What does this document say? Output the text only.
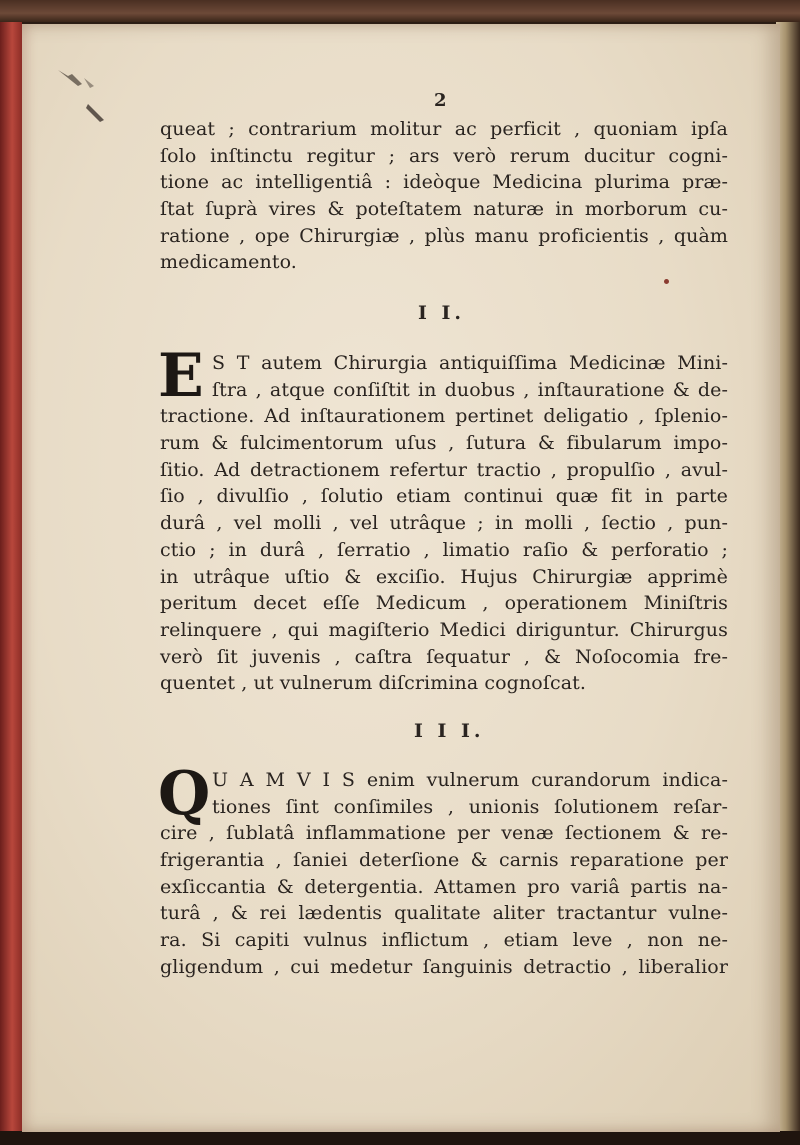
2
queat ; contrarium molitur ac perficit , quoniam ipſa
ſolo inſtinctu regitur ; ars verò rerum ducitur cogni-
tione ac intelligentiâ : ideòque Medicina plurima præ-
ſtat ſuprà vires & poteſtatem naturæ in morborum cu-
ratione , ope Chirurgiæ , plùs manu proficientis , quàm
medicamento.
I I.
E S T autem Chirurgia antiquiſſima Medicinæ Mini-
ſtra , atque conſiſtit in duobus , inſtauratione & de-
tractione. Ad inſtaurationem pertinet deligatio , ſplenio-
rum & fulcimentorum uſus , ſutura & fibularum impo-
ſitio. Ad detractionem refertur tractio , propulſio , avul-
ſio , divulſio , ſolutio etiam continui quæ fit in parte
durâ , vel molli , vel utrâque ; in molli , ſectio , pun-
ctio ; in durâ , ſerratio , limatio raſio & perforatio ;
in utrâque uſtio & exciſio. Hujus Chirurgiæ apprimè
peritum decet eſſe Medicum , operationem Miniſtris
relinquere , qui magiſterio Medici diriguntur. Chirurgus
verò ſit juvenis , caſtra ſequatur , & Noſocomia fre-
quentet , ut vulnerum diſcrimina cognoſcat.
I I I.
Q U A M V I S enim vulnerum curandorum indica-
tiones ſint conſimiles , unionis ſolutionem reſar-
cire , ſublatâ inflammatione per venæ ſectionem & re-
frigerantia , ſaniei deterſione & carnis reparatione per
exſiccantia & detergentia. Attamen pro variâ partis na-
turâ , & rei lædentis qualitate aliter tractantur vulne-
ra. Si capiti vulnus inflictum , etiam leve , non ne-
gligendum , cui medetur ſanguinis detractio , liberalior
